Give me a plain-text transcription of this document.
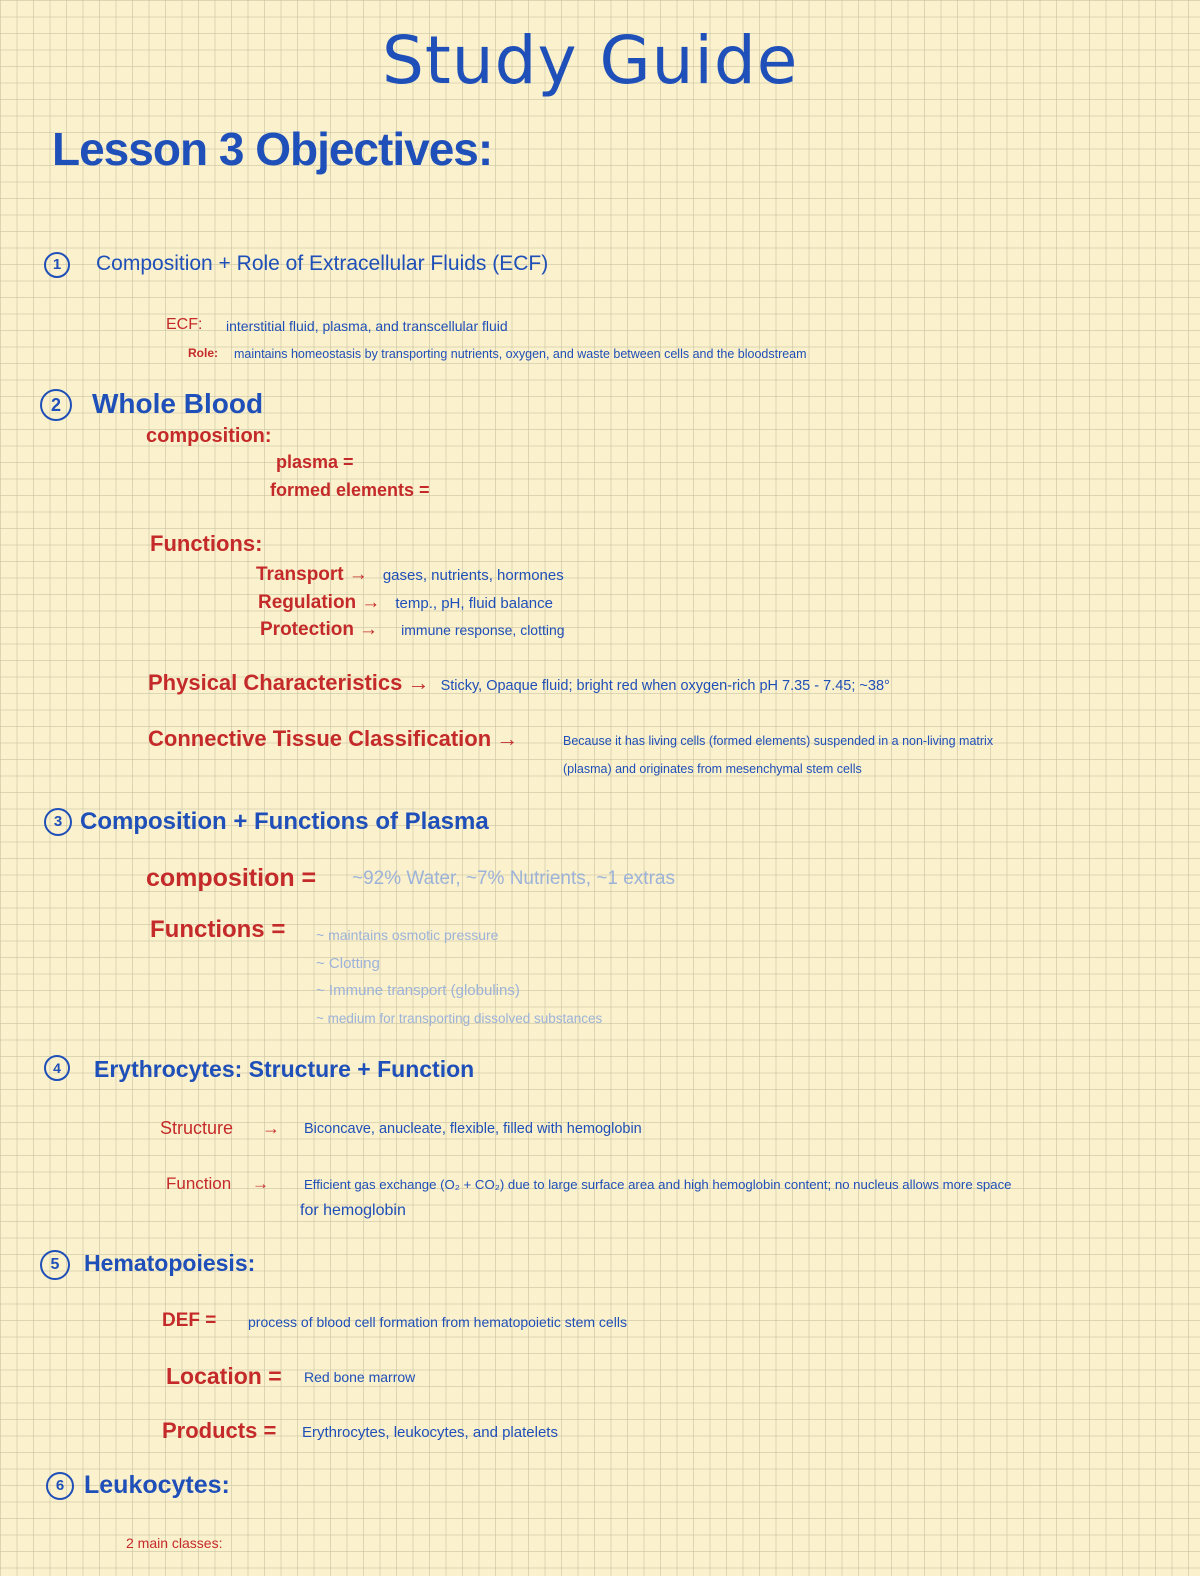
Study Guide
Lesson 3 Objectives:
1	Composition + Role of Extracellular Fluids (ECF)
ECF: interstitial fluid, plasma, and transcellular fluid
Role: maintains homeostasis by transporting nutrients, oxygen, and waste between cells and the bloodstream
2	Whole Blood
composition:
plasma =
formed elements =
Functions:
Transport → gases, nutrients, hormones
Regulation → temp., pH, fluid balance
Protection → immune response, clotting
Physical Characteristics → Sticky, Opaque fluid; bright red when oxygen-rich pH 7.35 - 7.45; ~38°
Connective Tissue Classification →	Because it has living cells (formed elements) suspended in a non-living matrix
(plasma) and originates from mesenchymal stem cells
3 Composition + Functions of Plasma
composition = ~92% Water, ~7% Nutrients, ~1 extras
Functions = ~ maintains osmotic pressure
~ Clotting
~ Immune transport (globulins)
~ medium for transporting dissolved substances
4	Erythrocytes: Structure + Function
Structure → Biconcave, anucleate, flexible, filled with hemoglobin
Function →	Efficient gas exchange (O₂ + CO₂) due to large surface area and high hemoglobin content; no nucleus allows more space
for hemoglobin
5	Hematopoiesis:
DEF = process of blood cell formation from hematopoietic stem cells
Location = Red bone marrow
Products = Erythrocytes, leukocytes, and platelets
6 Leukocytes:
2 main classes:
